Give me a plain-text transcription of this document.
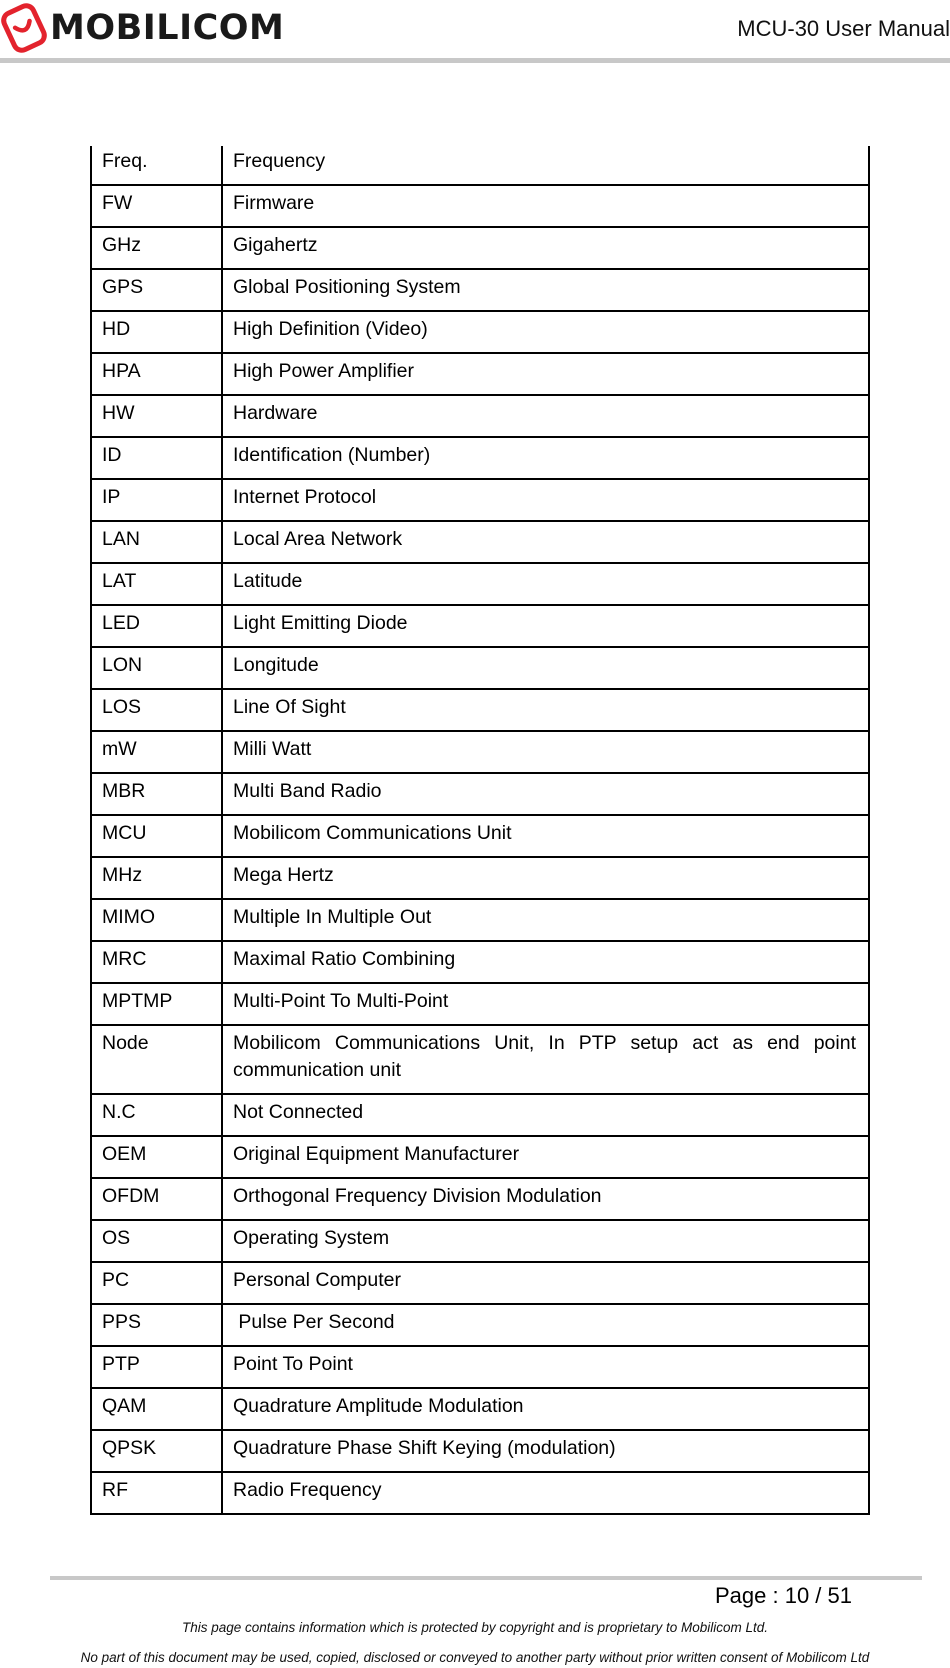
MOBILICOM	MCU-30 User Manual
Freq.	Frequency
FW	Firmware
GHz	Gigahertz
GPS	Global Positioning System
HD	High Definition (Video)
HPA	High Power Amplifier
HW	Hardware
ID	Identification (Number)
IP	Internet Protocol
LAN	Local Area Network
LAT	Latitude
LED	Light Emitting Diode
LON	Longitude
LOS	Line Of Sight
mW	Milli Watt
MBR	Multi Band Radio
MCU	Mobilicom Communications Unit
MHz	Mega Hertz
MIMO	Multiple In Multiple Out
MRC	Maximal Ratio Combining
MPTMP	Multi-Point To Multi-Point
Node	Mobilicom Communications Unit, In PTP setup act as end point communication unit
N.C	Not Connected
OEM	Original Equipment Manufacturer
OFDM	Orthogonal Frequency Division Modulation
OS	Operating System
PC	Personal Computer
PPS	Pulse Per Second
PTP	Point To Point
QAM	Quadrature Amplitude Modulation
QPSK	Quadrature Phase Shift Keying (modulation)
RF	Radio Frequency
Page : 10 / 51
This page contains information which is protected by copyright and is proprietary to Mobilicom Ltd.
No part of this document may be used, copied, disclosed or conveyed to another party without prior written consent of Mobilicom Ltd
